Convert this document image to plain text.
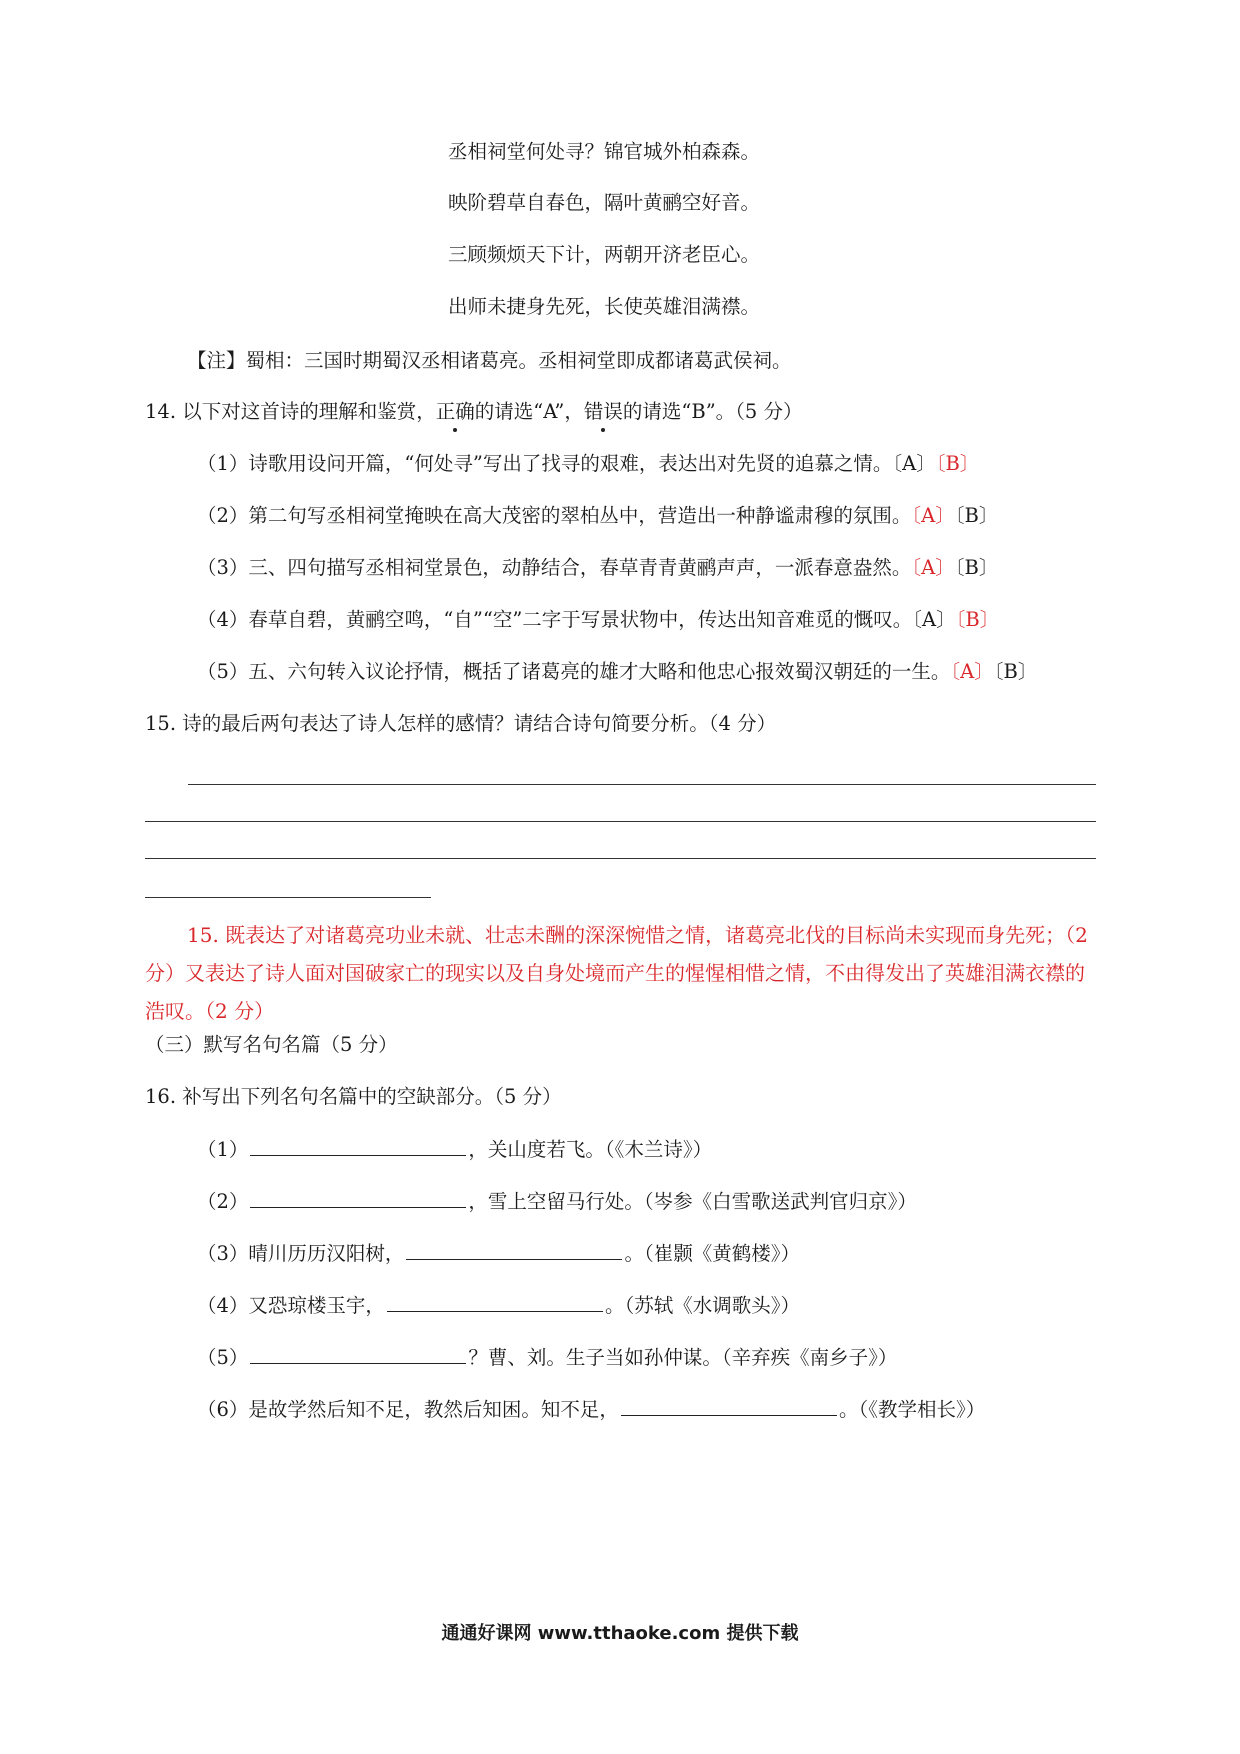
丞相祠堂何处寻？锦官城外柏森森。
映阶碧草自春色，隔叶黄鹂空好音。
三顾频烦天下计，两朝开济老臣心。
出师未捷身先死，长使英雄泪满襟。
【注】蜀相：三国时期蜀汉丞相诸葛亮。丞相祠堂即成都诸葛武侯祠。
14. 以下对这首诗的理解和鉴赏，正确的请选“A”，错误的请选“B”。（5 分）
（1）诗歌用设问开篇，“何处寻”写出了找寻的艰难，表达出对先贤的追慕之情。〔A〕〔B〕
（2）第二句写丞相祠堂掩映在高大茂密的翠柏丛中，营造出一种静谧肃穆的氛围。〔A〕〔B〕
（3）三、四句描写丞相祠堂景色，动静结合，春草青青黄鹂声声，一派春意盎然。〔A〕〔B〕
（4）春草自碧，黄鹂空鸣，“自”“空”二字于写景状物中，传达出知音难觅的慨叹。〔A〕〔B〕
（5）五、六句转入议论抒情，概括了诸葛亮的雄才大略和他忠心报效蜀汉朝廷的一生。〔A〕〔B〕
15. 诗的最后两句表达了诗人怎样的感情？请结合诗句简要分析。（4 分）
15. 既表达了对诸葛亮功业未就、壮志未酬的深深惋惜之情，诸葛亮北伐的目标尚未实现而身先死；（2 分）又表达了诗人面对国破家亡的现实以及自身处境而产生的惺惺相惜之情，不由得发出了英雄泪满衣襟的浩叹。（2 分）
（三）默写名句名篇（5 分）
16. 补写出下列名句名篇中的空缺部分。（5 分）
（1）	，关山度若飞。（《木兰诗》）
（2）	，雪上空留马行处。（岑参《白雪歌送武判官归京》）
（3）晴川历历汉阳树，	。（崔颢《黄鹤楼》）
（4）又恐琼楼玉宇，	。（苏轼《水调歌头》）
（5）	？曹、刘。生子当如孙仲谋。（辛弃疾《南乡子》）
（6）是故学然后知不足，教然后知困。知不足，	。（《教学相长》）
通通好课网 www.tthaoke.com 提供下载
